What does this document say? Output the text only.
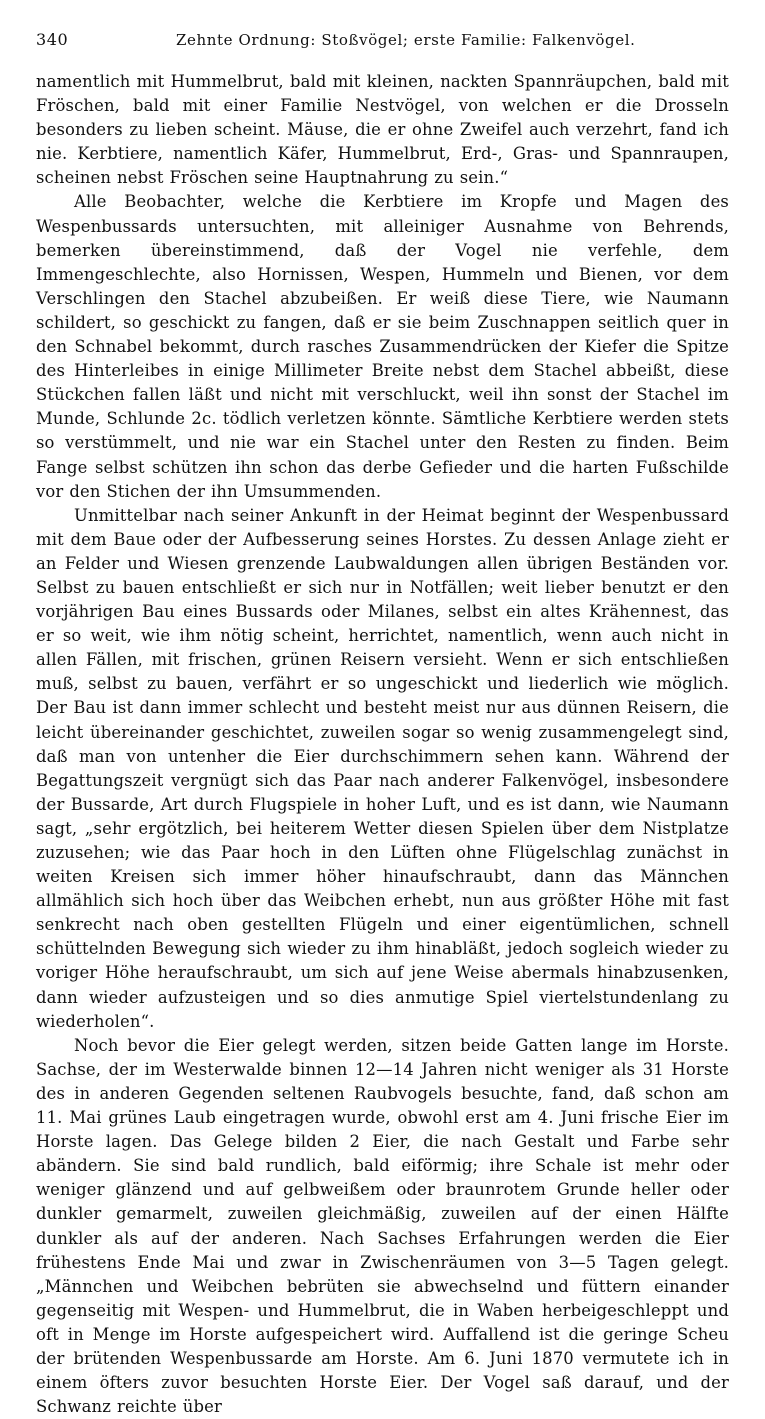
340	Zehnte Ordnung: Stoßvögel; erste Familie: Falkenvögel.

namentlich mit Hummelbrut, bald mit kleinen, nackten Spannräupchen, bald mit Fröschen, bald mit einer Familie Nestvögel, von welchen er die Drosseln besonders zu lieben scheint. Mäuse, die er ohne Zweifel auch verzehrt, fand ich nie. Kerbtiere, namentlich Käfer, Hummelbrut, Erd-, Gras- und Spannraupen, scheinen nebst Fröschen seine Hauptnahrung zu sein.“

Alle Beobachter, welche die Kerbtiere im Kropfe und Magen des Wespenbussards untersuchten, mit alleiniger Ausnahme von Behrends, bemerken übereinstimmend, daß der Vogel nie verfehle, dem Immengeschlechte, also Hornissen, Wespen, Hummeln und Bienen, vor dem Verschlingen den Stachel abzubeißen. Er weiß diese Tiere, wie Naumann schildert, so geschickt zu fangen, daß er sie beim Zuschnappen seitlich quer in den Schnabel bekommt, durch rasches Zusammendrücken der Kiefer die Spitze des Hinterleibes in einige Millimeter Breite nebst dem Stachel abbeißt, diese Stückchen fallen läßt und nicht mit verschluckt, weil ihn sonst der Stachel im Munde, Schlunde 2c. tödlich verletzen könnte. Sämtliche Kerbtiere werden stets so verstümmelt, und nie war ein Stachel unter den Resten zu finden. Beim Fange selbst schützen ihn schon das derbe Gefieder und die harten Fußschilde vor den Stichen der ihn Umsummenden.

Unmittelbar nach seiner Ankunft in der Heimat beginnt der Wespenbussard mit dem Baue oder der Aufbesserung seines Horstes. Zu dessen Anlage zieht er an Felder und Wiesen grenzende Laubwaldungen allen übrigen Beständen vor. Selbst zu bauen entschließt er sich nur in Notfällen; weit lieber benutzt er den vorjährigen Bau eines Bussards oder Milanes, selbst ein altes Krähennest, das er so weit, wie ihm nötig scheint, herrichtet, namentlich, wenn auch nicht in allen Fällen, mit frischen, grünen Reisern versieht. Wenn er sich entschließen muß, selbst zu bauen, verfährt er so ungeschickt und liederlich wie möglich. Der Bau ist dann immer schlecht und besteht meist nur aus dünnen Reisern, die leicht übereinander geschichtet, zuweilen sogar so wenig zusammengelegt sind, daß man von untenher die Eier durchschimmern sehen kann. Während der Begattungszeit vergnügt sich das Paar nach anderer Falkenvögel, insbesondere der Bussarde, Art durch Flugspiele in hoher Luft, und es ist dann, wie Naumann sagt, „sehr ergötzlich, bei heiterem Wetter diesen Spielen über dem Nistplatze zuzusehen; wie das Paar hoch in den Lüften ohne Flügelschlag zunächst in weiten Kreisen sich immer höher hinaufschraubt, dann das Männchen allmählich sich hoch über das Weibchen erhebt, nun aus größter Höhe mit fast senkrecht nach oben gestellten Flügeln und einer eigentümlichen, schnell schüttelnden Bewegung sich wieder zu ihm hinabläßt, jedoch sogleich wieder zu voriger Höhe heraufschraubt, um sich auf jene Weise abermals hinabzusenken, dann wieder aufzusteigen und so dies anmutige Spiel viertelstundenlang zu wiederholen“.

Noch bevor die Eier gelegt werden, sitzen beide Gatten lange im Horste. Sachse, der im Westerwalde binnen 12—14 Jahren nicht weniger als 31 Horste des in anderen Gegenden seltenen Raubvogels besuchte, fand, daß schon am 11. Mai grünes Laub eingetragen wurde, obwohl erst am 4. Juni frische Eier im Horste lagen. Das Gelege bilden 2 Eier, die nach Gestalt und Farbe sehr abändern. Sie sind bald rundlich, bald eiförmig; ihre Schale ist mehr oder weniger glänzend und auf gelbweißem oder braunrotem Grunde heller oder dunkler gemarmelt, zuweilen gleichmäßig, zuweilen auf der einen Hälfte dunkler als auf der anderen. Nach Sachses Erfahrungen werden die Eier frühestens Ende Mai und zwar in Zwischenräumen von 3—5 Tagen gelegt. „Männchen und Weibchen bebrüten sie abwechselnd und füttern einander gegenseitig mit Wespen- und Hummelbrut, die in Waben herbeigeschleppt und oft in Menge im Horste aufgespeichert wird. Auffallend ist die geringe Scheu der brütenden Wespenbussarde am Horste. Am 6. Juni 1870 vermutete ich in einem öfters zuvor besuchten Horste Eier. Der Vogel saß darauf, und der Schwanz reichte über
